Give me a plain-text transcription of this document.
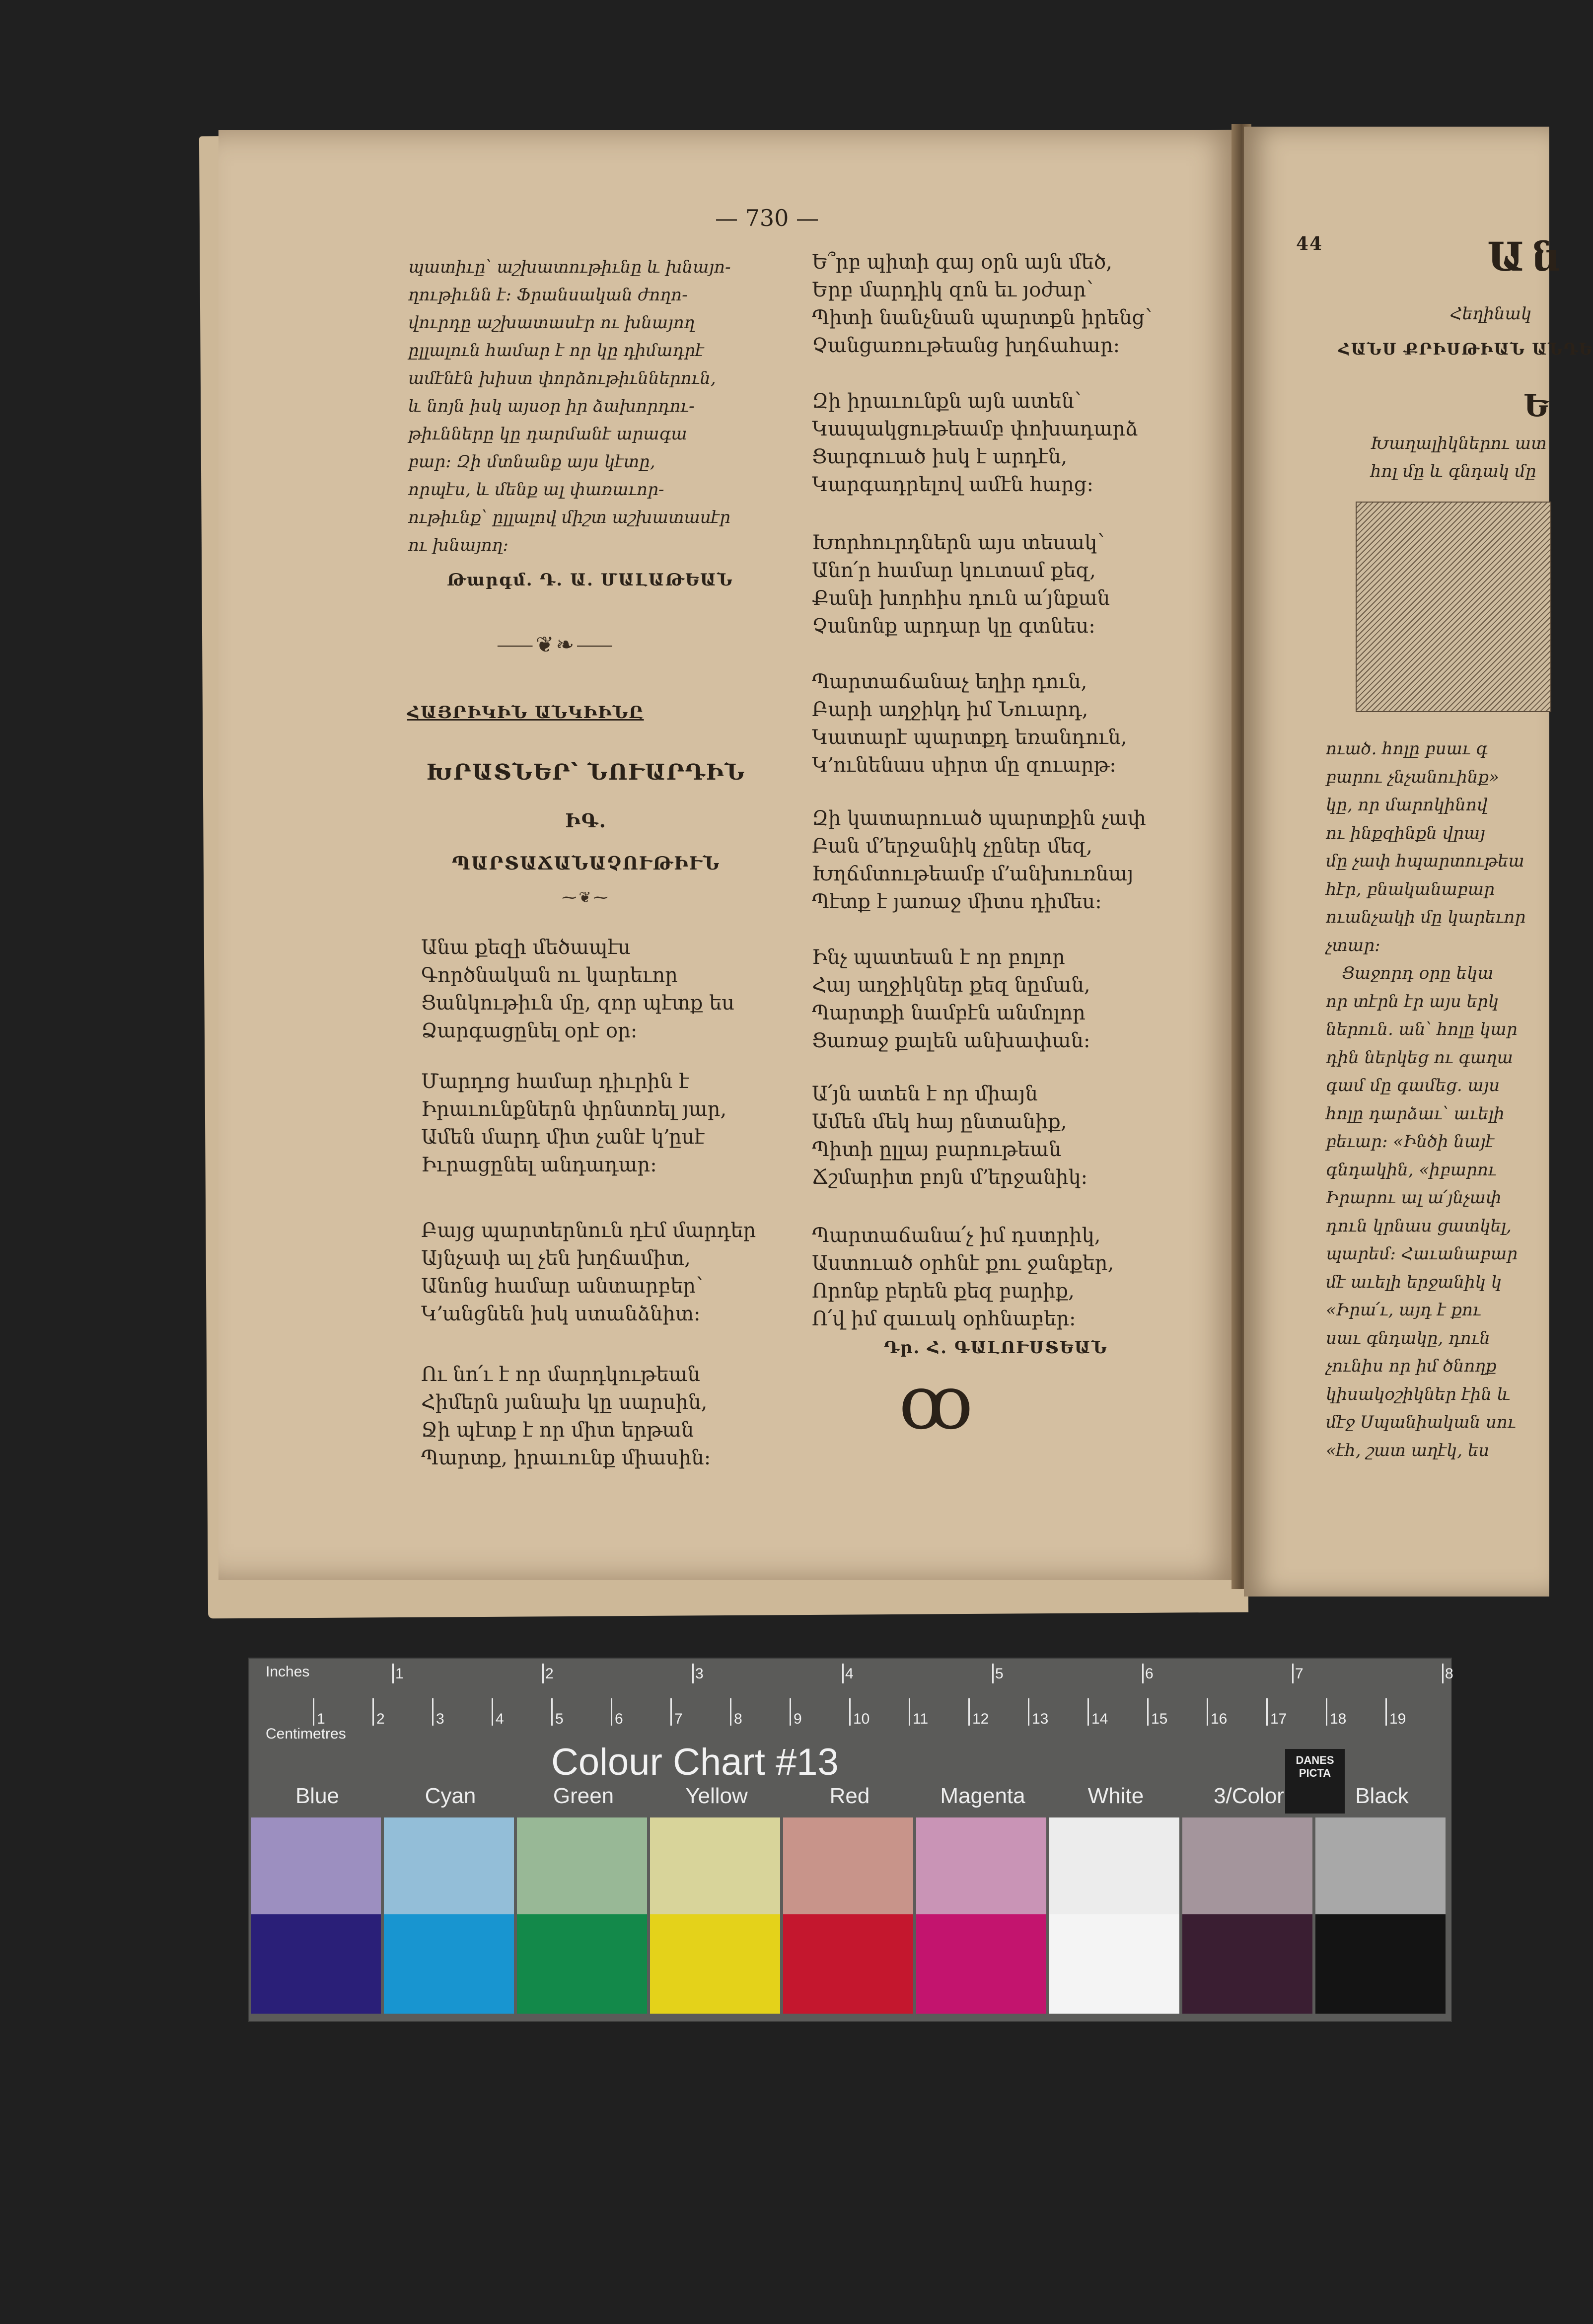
— 730 —
պատիւը՝ աշխատութիւնը և խնայո-
ղութիւնն է։ Ֆրանսական ժողո-
վուրդը աշխատասէր ու խնայող
ըլլալուն համար է որ կը դիմադրէ
ամէնէն խիստ փորձութիւններուն,
և նոյն իսկ այսօր իր ձախորդու-
թիւնները կը դարմանէ արագա
բար։ Զի մտնանք այս կէտը,
որպէս, և մենք ալ փառաւոր-
ութիւնք՝ ըլլալով միշտ աշխատասէր
ու խնայող։
Թարգմ. Դ. Ա. ՄԱԼԱԹԵԱՆ
⸺❦❧⸺
ՀԱՅՐԻԿԻՆ ԱՆԿԻԻՆԸ
ԽՐԱՏՆԵՐ՝ ՆՈՒԱՐԴԻՆ
ԻԳ.
ՊԱՐՏԱՃԱՆԱՉՈՒԹԻՒՆ
⁓❦⁓
Անա քեզի մեծապէս
Գործնական ու կարեւոր
Ցանկութիւն մը, զոր պէտք ես
Ձարգացընել օրէ օր:
Մարդոց համար դիւրին է
Իրաւունքներն փրնտռել յար,
Ամեն մարդ միտ չանէ կ՚ըսէ
Իւրացընել անդադար:
Բայց պարտերնուն դէմ մարդեր
Այնչափ ալ չեն խղճամիտ,
Անոնց համար անտարբեր՝
Կ՚անցնեն իսկ ստանձնիտ:
Ու նո՛ւ է որ մարդկութեան
Հիմերն յանախ կը սարսին,
Ջի պէտք է որ միտ երթան
Պարտք, իրաւունք միասին:
Ե՞րբ պիտի գայ օրն այն մեծ,
Երբ մարդիկ զոն եւ յօժար՝
Պիտի նանչնան պարտքն իրենց՝
Չանցառութեանց խղճահար:
Զի իրաւունքն այն ատեն՝
Կապակցութեամբ փոխադարձ
Ցարգուած իսկ է արդէն,
Կարգադրելով ամէն հարց:
Խորհուրդներն այս տեսակ՝
Անո՛ր համար կուտամ քեզ,
Քանի խորհիս դուն ա՛յնքան
Չանոնք արդար կը գտնես:
Պարտաճանաչ եղիր դուն,
Բարի աղջիկդ իմ Նուարդ,
Կատարէ պարտքդ եռանդուն,
Կ՚ունենաս սիրտ մը զուարթ:
Զի կատարուած պարտքին չափ
Բան մ՚երջանիկ չըներ մեզ,
Խղճմտութեամբ մ՚անխուռնայ
Պէտք է յառաջ միտս դիմես:
Ինչ պատեան է որ բոլոր
Հայ աղջիկներ քեզ նըման,
Պարտքի նամբէն անմոլոր
Ցառաջ քալեն անխափան:
Ա՛յն ատեն է որ միայն
Ամեն մեկ հայ ընտանիք,
Պիտի ըլլայ բարութեան
Ճշմարիտ բոյն մ՚երջանիկ:
Պարտաճանա՛չ իմ դստրիկ,
Աստուած օրհնէ քու ջանքեր,
Որոնք բերեն քեզ բարիք,
Ո՛վ իմ զաւակ օրհնաբեր:
Դր. Հ. ԳԱԼՈՒՍՏԵԱՆ
ꝏ
44	Ան
Հեղինակ
ՀԱՆՍ ՔՐԻՍԹԻԱՆ ԱՆԴԵ
Ե
Խաղալիկներու ատ
հոլ մը և գնդակ մը
ուած. հոլը բսաւ գ
բարու չնչանուինք»
կը, որ մարոկինով
ու ինքզինքն վրայ
մը չափ հպարտութեա
հէր, բնականաբար
ուանչակի մը կարեւոր
չտար։
Ցաջորդ օրը եկա
որ տէրն էր այս երկ
ներուն. ան՝ հոլը կար
դին ներկեց ու գաղա
գամ մը գամեց. այս
հոլը դարձաւ՝ աւելի
բեւար։ «Ինծի նայէ
գնդակին, «իբարու
Իրարու ալ ա՛յնչափ
դուն կրնաս ցատկել,
պարեմ։ Հաւանաբար
մէ աւելի երջանիկ կ
«Իրա՛ւ, այդ է քու
սաւ գնդակը, դուն
չունիս որ իմ ծնողք
կիսակօշիկներ էին և
մէջ Սպանիական սու
«էհ, շատ աղէկ, ես
Inches
Centimetres
1	2	3	4	5	6	7	8
1	2	3	4	5	6	7	8	9	10	11	12	13	14	15	16	17	18	19
Colour Chart #13	DANES PICTA
Blue	Cyan	Green	Yellow	Red	Magenta	White	3/Color	Black
